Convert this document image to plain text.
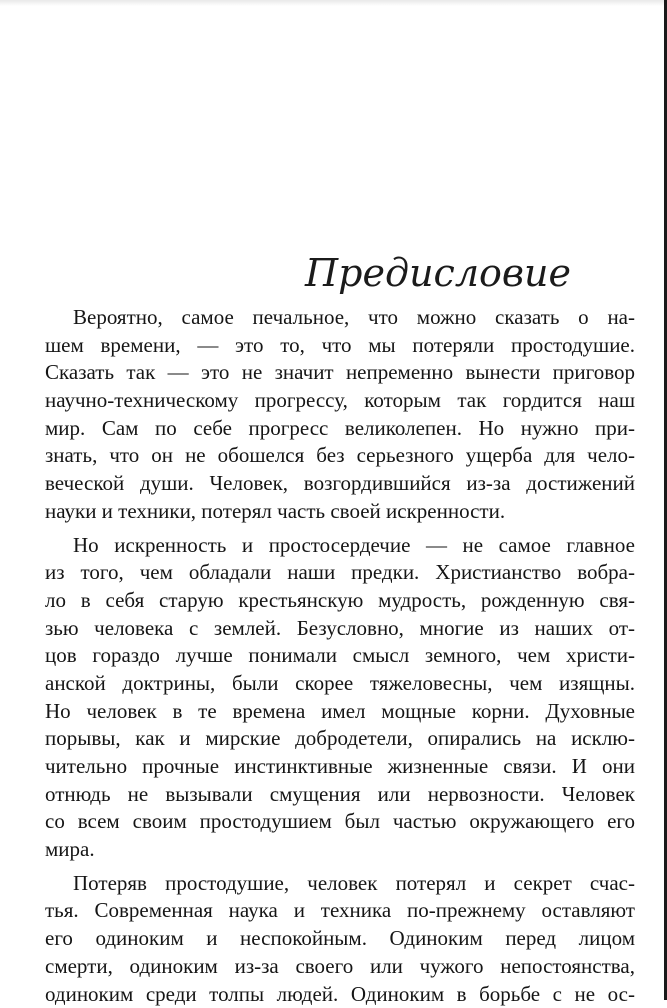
Предисловие

Вероятно, самое печальное, что можно сказать о на-
шем времени, — это то, что мы потеряли простодушие.
Сказать так — это не значит непременно вынести приговор
научно-техническому прогрессу, которым так гордится наш
мир. Сам по себе прогресс великолепен. Но нужно при-
знать, что он не обошелся без серьезного ущерба для чело-
веческой души. Человек, возгордившийся из-за достижений
науки и техники, потерял часть своей искренности.

Но искренность и простосердечие — не самое главное
из того, чем обладали наши предки. Христианство вобра-
ло в себя старую крестьянскую мудрость, рожденную свя-
зью человека с землей. Безусловно, многие из наших от-
цов гораздо лучше понимали смысл земного, чем христи-
анской доктрины, были скорее тяжеловесны, чем изящны.
Но человек в те времена имел мощные корни. Духовные
порывы, как и мирские добродетели, опирались на исклю-
чительно прочные инстинктивные жизненные связи. И они
отнюдь не вызывали смущения или нервозности. Человек
со всем своим простодушием был частью окружающего его
мира.

Потеряв простодушие, человек потерял и секрет счас-
тья. Современная наука и техника по-прежнему оставляют
его одиноким и неспокойным. Одиноким перед лицом
смерти, одиноким из-за своего или чужого непостоянства,
одиноким среди толпы людей. Одиноким в борьбе с не ос-
